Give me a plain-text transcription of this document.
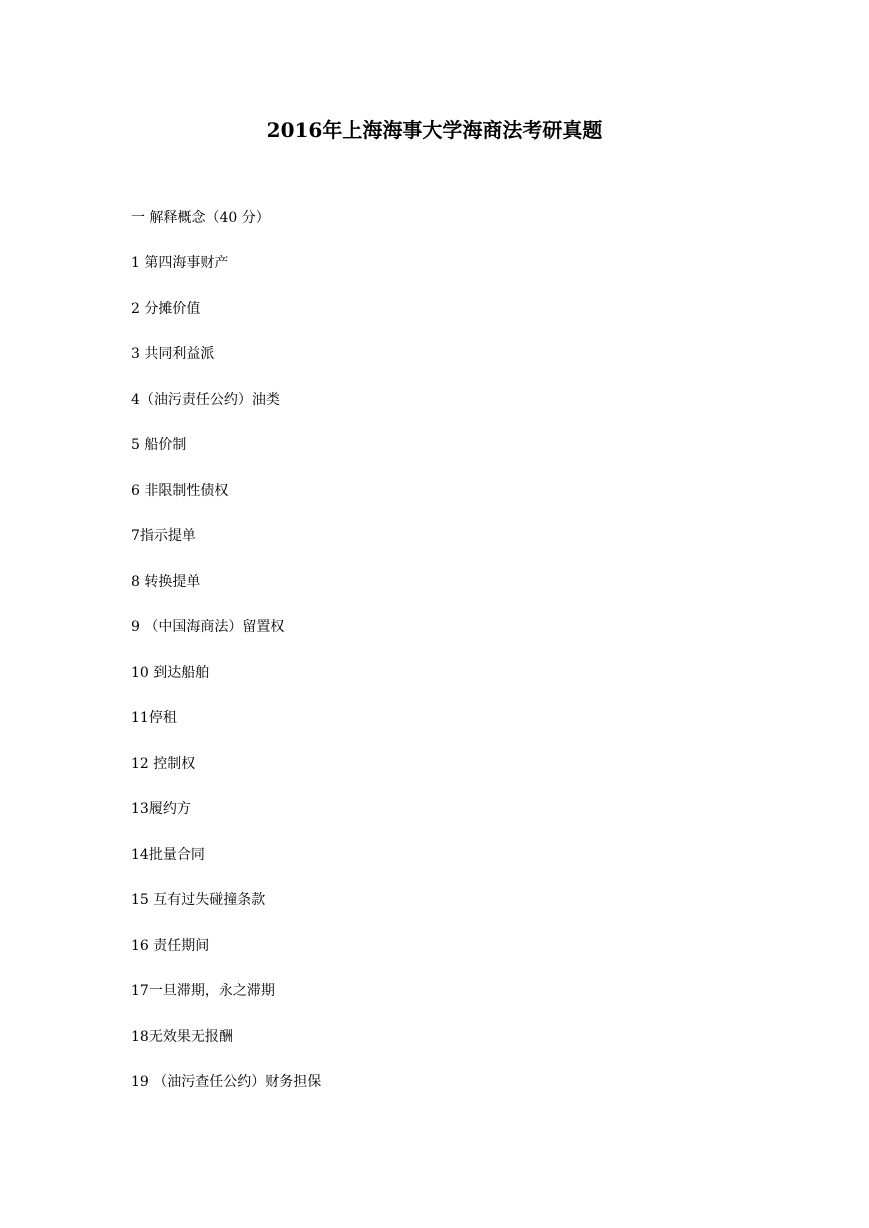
2016年上海海事大学海商法考研真题
一 解释概念（40 分）
1 第四海事财产
2 分摊价值
3 共同利益派
4（油污责任公约）油类
5 船价制
6 非限制性债权
7指示提单
8 转换提单
9 （中国海商法）留置权
10 到达船舶
11停租
12 控制权
13履约方
14批量合同
15 互有过失碰撞条款
16 责任期间
17一旦滞期，永之滞期
18无效果无报酬
19 （油污查任公约）财务担保
